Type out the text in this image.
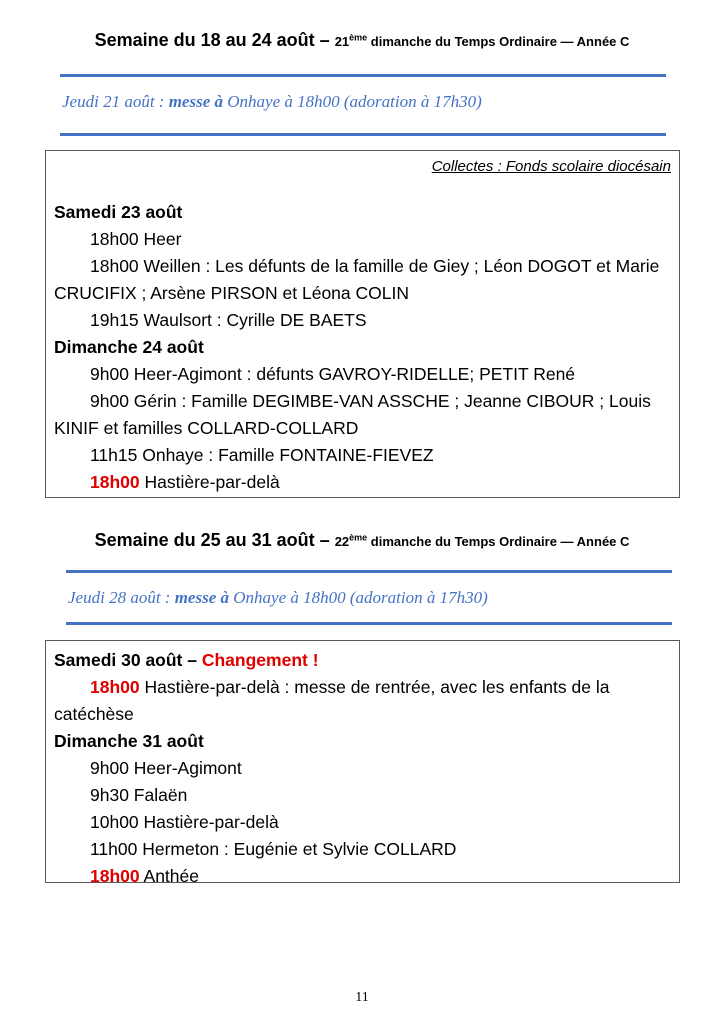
Semaine du 18 au 24 août – 21ème dimanche du Temps Ordinaire — Année C
Jeudi 21 août : messe à Onhaye à 18h00 (adoration à 17h30)
Collectes : Fonds scolaire diocésain
Samedi 23 août
18h00 Heer
18h00 Weillen : Les défunts de la famille de Giey ; Léon DOGOT et Marie CRUCIFIX ; Arsène PIRSON et Léona COLIN
19h15 Waulsort : Cyrille DE BAETS
Dimanche 24 août
9h00 Heer-Agimont : défunts GAVROY-RIDELLE; PETIT René
9h00 Gérin : Famille DEGIMBE-VAN ASSCHE ; Jeanne CIBOUR ; Louis KINIF et familles COLLARD-COLLARD
11h15 Onhaye : Famille FONTAINE-FIEVEZ
18h00 Hastière-par-delà
Semaine du 25 au 31 août – 22ème dimanche du Temps Ordinaire — Année C
Jeudi 28 août : messe à Onhaye à 18h00 (adoration à 17h30)
Samedi 30 août – Changement !
18h00 Hastière-par-delà : messe de rentrée, avec les enfants de la catéchèse
Dimanche 31 août
9h00 Heer-Agimont
9h30 Falaën
10h00 Hastière-par-delà
11h00 Hermeton : Eugénie et Sylvie COLLARD
18h00 Anthée
11
